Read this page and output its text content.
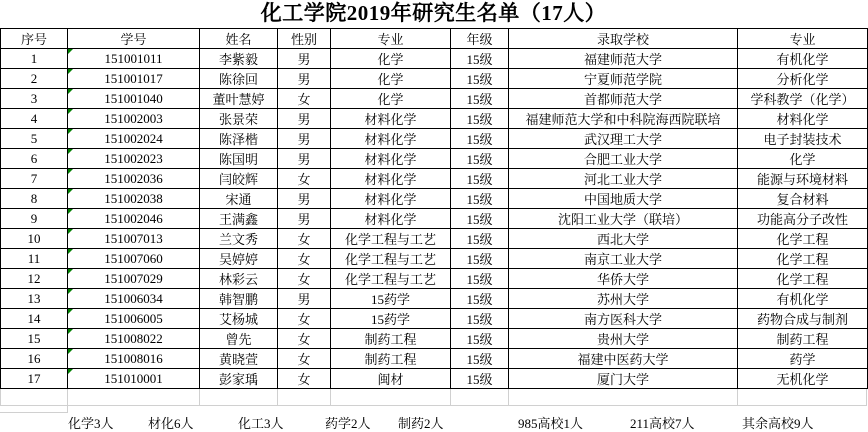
化工学院2019年研究生名单（17人）
序号	学号	姓名	性别	专业	年级	录取学校	专业
1	151001011	李紫毅	男	化学	15级	福建师范大学	有机化学
2	151001017	陈徐回	男	化学	15级	宁夏师范学院	分析化学
3	151001040	董叶慧婷	女	化学	15级	首都师范大学	学科教学（化学）
4	151002003	张景荣	男	材料化学	15级	福建师范大学和中科院海西院联培	材料化学
5	151002024	陈泽楷	男	材料化学	15级	武汉理工大学	电子封装技术
6	151002023	陈国明	男	材料化学	15级	合肥工业大学	化学
7	151002036	闫皎辉	女	材料化学	15级	河北工业大学	能源与环境材料
8	151002038	宋通	男	材料化学	15级	中国地质大学	复合材料
9	151002046	王满鑫	男	材料化学	15级	沈阳工业大学（联培）	功能高分子改性
10	151007013	兰文秀	女	化学工程与工艺	15级	西北大学	化学工程
11	151007060	吴婷婷	女	化学工程与工艺	15级	南京工业大学	化学工程
12	151007029	林彩云	女	化学工程与工艺	15级	华侨大学	化学工程
13	151006034	韩智鹏	男	15药学	15级	苏州大学	有机化学
14	151006005	艾杨城	女	15药学	15级	南方医科大学	药物合成与制剂
15	151008022	曾先	女	制药工程	15级	贵州大学	制药工程
16	151008016	黄晓萱	女	制药工程	15级	福建中医药大学	药学
17	151010001	彭家瑀	女	闽材	15级	厦门大学	无机化学
化学3人	材化6人	化工3人	药学2人 制药2人	985高校1人	211高校7人	其余高校9人
